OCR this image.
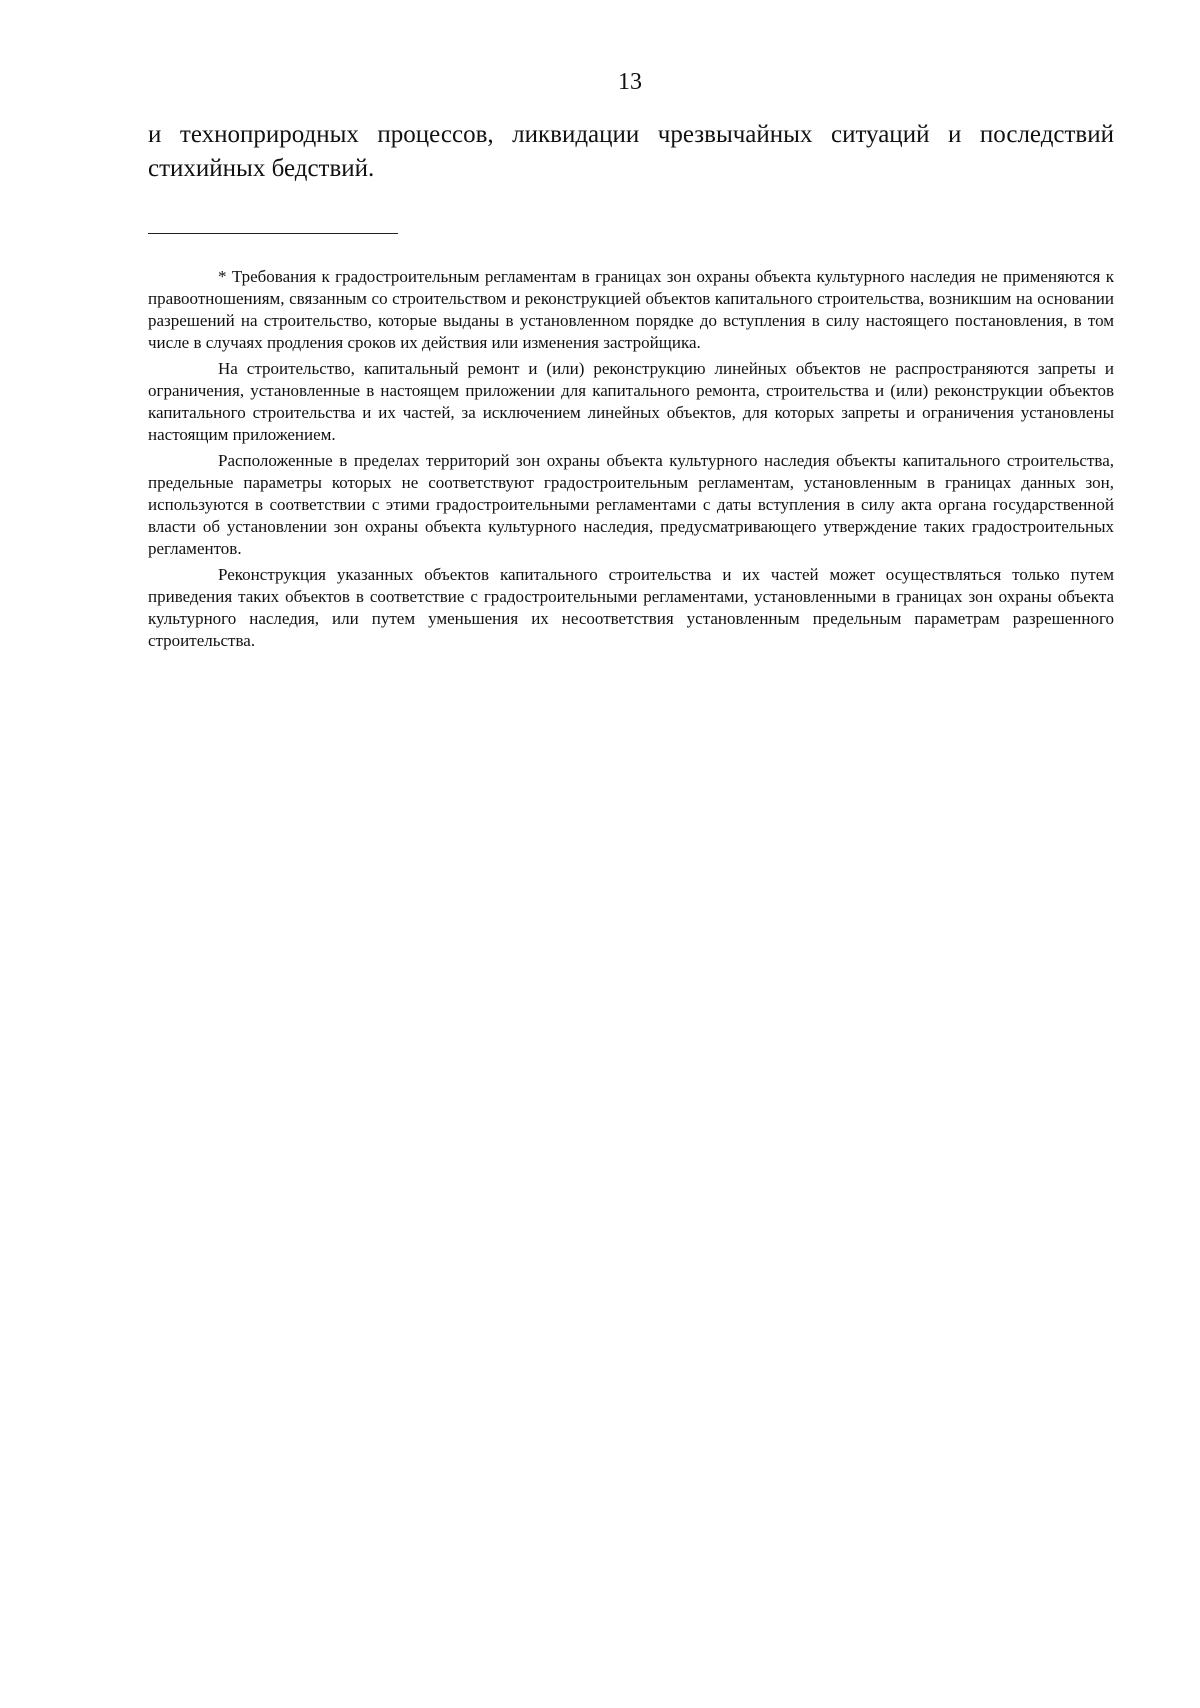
13

и технoприродных процессов, ликвидации чрезвычайных ситуаций и последствий стихийных бедствий.

* Требования к градостроительным регламентам в границах зон охраны объекта культурного наследия не применяются к правоотношениям, связанным со строительством и реконструкцией объектов капитального строительства, возникшим на основании разрешений на строительство, которые выданы в установленном порядке до вступления в силу настоящего постановления, в том числе в случаях продления сроков их действия или изменения застройщика.

На строительство, капитальный ремонт и (или) реконструкцию линейных объектов не распространяются запреты и ограничения, установленные в настоящем приложении для капитального ремонта, строительства и (или) реконструкции объектов капитального строительства и их частей, за исключением линейных объектов, для которых запреты и ограничения установлены настоящим приложением.

Расположенные в пределах территорий зон охраны объекта культурного наследия объекты капитального строительства, предельные параметры которых не соответствуют градостроительным регламентам, установленным в границах данных зон, используются в соответствии с этими градостроительными регламентами с даты вступления в силу акта органа государственной власти об установлении зон охраны объекта культурного наследия, предусматривающего утверждение таких градостроительных регламентов.

Реконструкция указанных объектов капитального строительства и их частей может осуществляться только путем приведения таких объектов в соответствие с градостроительными регламентами, установленными в границах зон охраны объекта культурного наследия, или путем уменьшения их несоответствия установленным предельным параметрам разрешенного строительства.
